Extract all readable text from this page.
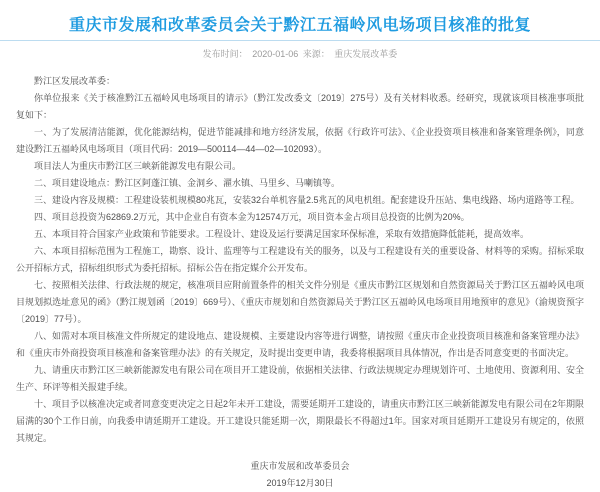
重庆市发展和改革委员会关于黔江五福岭风电场项目核准的批复
发布时间： 2020-01-06 来源： 重庆发展改革委

黔江区发展改革委：

你单位报来《关于核准黔江五福岭风电场项目的请示》（黔江发改委文〔2019〕275号）及有关材料收悉。经研究，现就该项目核准事项批复如下：

一、为了发展清洁能源，优化能源结构，促进节能减排和地方经济发展，依据《行政许可法》、《企业投资项目核准和备案管理条例》，同意建设黔江五福岭风电场项目（项目代码：2019—500114—44—02—102093）。

项目法人为重庆市黔江区三峡新能源发电有限公司。

二、项目建设地点：黔江区阿蓬江镇、金洞乡、濯水镇、马里乡、马喇镇等。

三、建设内容及规模：工程建设装机规模80兆瓦，安装32台单机容量2.5兆瓦的风电机组。配套建设升压站、集电线路、场内道路等工程。

四、项目总投资为62869.2万元，其中企业自有资本金为12574万元，项目资本金占项目总投资的比例为20%。

五、本项目符合国家产业政策和节能要求。工程设计、建设及运行要满足国家环保标准，采取有效措施降低能耗，提高效率。

六、本项目招标范围为工程施工，勘察、设计、监理等与工程建设有关的服务，以及与工程建设有关的重要设备、材料等的采购。招标采取公开招标方式，招标组织形式为委托招标。招标公告在指定媒介公开发布。

七、按照相关法律、行政法规的规定，核准项目应附前置条件的相关文件分别是《重庆市黔江区规划和自然资源局关于黔江区五福岭风电项目规划拟选址意见的函》（黔江规划函〔2019〕669号）、《重庆市规划和自然资源局关于黔江区五福岭风电场项目用地预审的意见》（渝规资预字〔2019〕77号）。

八、如需对本项目核准文件所规定的建设地点、建设规模、主要建设内容等进行调整，请按照《重庆市企业投资项目核准和备案管理办法》和《重庆市外商投资项目核准和备案管理办法》的有关规定，及时提出变更申请，我委将根据项目具体情况，作出是否同意变更的书面决定。

九、请重庆市黔江区三峡新能源发电有限公司在项目开工建设前，依据相关法律、行政法规规定办理规划许可、土地使用、资源利用、安全生产、环评等相关报建手续。

十、项目予以核准决定或者同意变更决定之日起2年未开工建设，需要延期开工建设的，请重庆市黔江区三峡新能源发电有限公司在2年期限届满的30个工作日前，向我委申请延期开工建设。开工建设只能延期一次，期限最长不得超过1年。国家对项目延期开工建设另有规定的，依照其规定。

重庆市发展和改革委员会
2019年12月30日
